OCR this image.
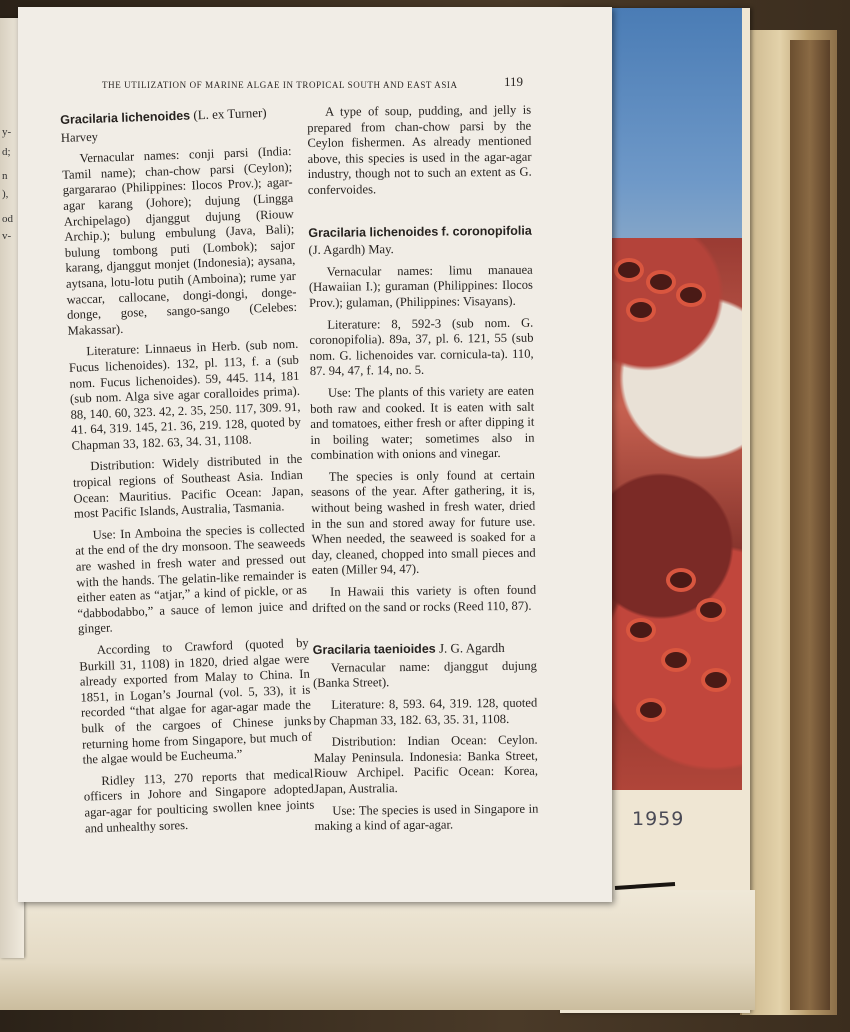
1959
y-
d;
n
),
od
v-
THE UTILIZATION OF MARINE ALGAE IN TROPICAL SOUTH AND EAST ASIA	119
Gracilaria lichenoides (L. ex Turner)

Harvey

Vernacular names: conji parsi (India: Tamil name); chan-chow parsi (Ceylon); gargararao (Philippines: Ilocos Prov.); agar-agar karang (Johore); dujung (Lingga Archipelago) djanggut dujung (Riouw Archip.); bulung embulung (Java, Bali); bulung tombong puti (Lombok); sajor karang, djanggut monjet (Indonesia); aysana, aytsana, lotu-lotu putih (Amboina); rume yar waccar, callocane, dongi-dongi, donge-donge, gose, sango-sango (Celebes: Makassar).

Literature: Linnaeus in Herb. (sub nom. Fucus lichenoides). 132, pl. 113, f. a (sub nom. Fucus lichenoides). 59, 445. 114, 181 (sub nom. Alga sive agar coralloides prima). 88, 140. 60, 323. 42, 2. 35, 250. 117, 309. 91, 41. 64, 319. 145, 21. 36, 219. 128, quoted by Chapman 33, 182. 63, 34. 31, 1108.

Distribution: Widely distributed in the tropical regions of Southeast Asia. Indian Ocean: Mauritius. Pacific Ocean: Japan, most Pacific Islands, Australia, Tasmania.

Use: In Amboina the species is collected at the end of the dry monsoon. The seaweeds are washed in fresh water and pressed out with the hands. The gelatin-like remainder is either eaten as “atjar,” a kind of pickle, or as “dabbodabbo,” a sauce of lemon juice and ginger.

According to Crawford (quoted by Burkill 31, 1108) in 1820, dried algae were already exported from Malay to China. In 1851, in Logan’s Journal (vol. 5, 33), it is recorded “that algae for agar-agar made the bulk of the cargoes of Chinese junks returning home from Singapore, but much of the algae would be Eucheuma.”

Ridley 113, 270 reports that medical officers in Johore and Singapore adopted agar-agar for poulticing swollen knee joints and unhealthy sores.

A type of soup, pudding, and jelly is prepared from chan-chow parsi by the Ceylon fishermen. As already mentioned above, this species is used in the agar-agar industry, though not to such an extent as G. confervoides.

Gracilaria lichenoides f. coronopifolia

(J. Agardh) May.

Vernacular names: limu manauea (Hawaiian I.); guraman (Philippines: Ilocos Prov.); gulaman, (Philippines: Visayans).

Literature: 8, 592-3 (sub nom. G. coronopifolia). 89a, 37, pl. 6. 121, 55 (sub nom. G. lichenoides var. cornicula-ta). 110, 87. 94, 47, f. 14, no. 5.

Use: The plants of this variety are eaten both raw and cooked. It is eaten with salt and tomatoes, either fresh or after dipping it in boiling water; sometimes also in combination with onions and vinegar.

The species is only found at certain seasons of the year. After gathering, it is, without being washed in fresh water, dried in the sun and stored away for future use. When needed, the seaweed is soaked for a day, cleaned, chopped into small pieces and eaten (Miller 94, 47).

In Hawaii this variety is often found drifted on the sand or rocks (Reed 110, 87).

Gracilaria taenioides J. G. Agardh

Vernacular name: djanggut dujung (Banka Street).

Literature: 8, 593. 64, 319. 128, quoted by Chapman 33, 182. 63, 35. 31, 1108.

Distribution: Indian Ocean: Ceylon. Malay Peninsula. Indonesia: Banka Street, Riouw Archipel. Pacific Ocean: Korea, Japan, Australia.

Use: The species is used in Singapore in making a kind of agar-agar.
